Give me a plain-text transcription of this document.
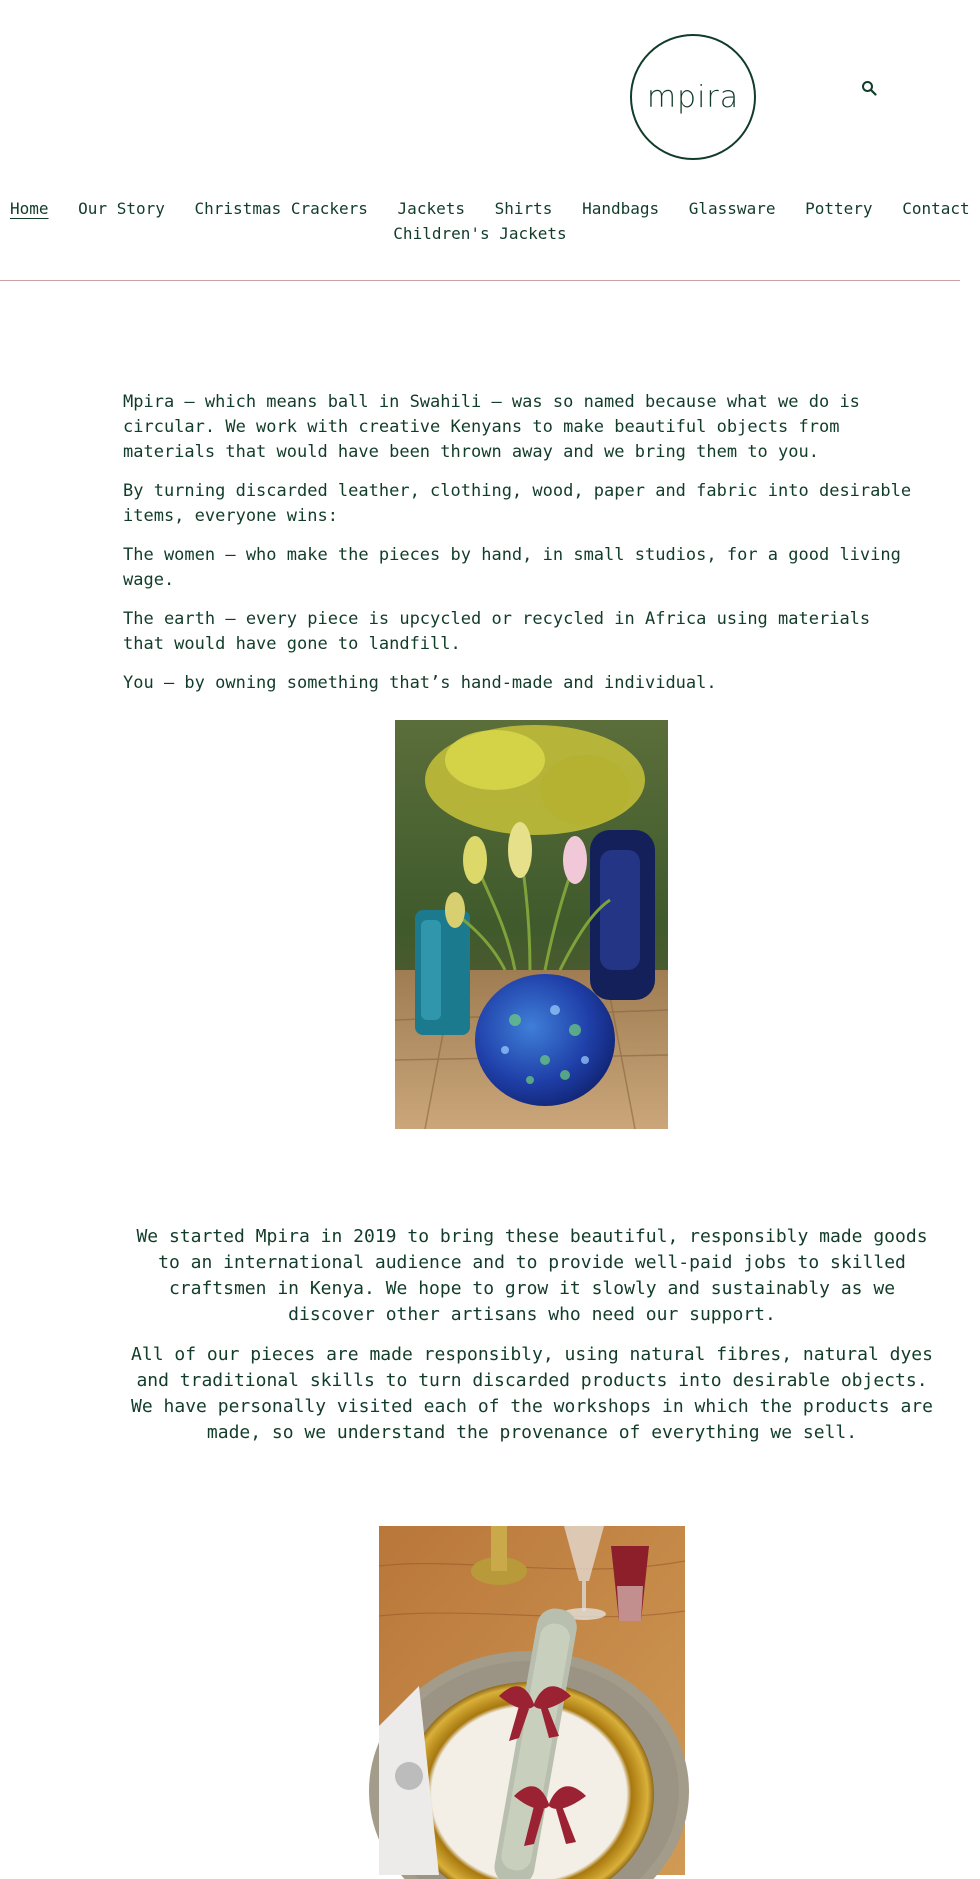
mpira
Home Our Story Christmas Crackers Jackets Shirts Handbags Glassware Pottery Contact
Children's Jackets

Mpira – which means ball in Swahili – was so named because what we do is circular. We work with creative Kenyans to make beautiful objects from materials that would have been thrown away and we bring them to you.

By turning discarded leather, clothing, wood, paper and fabric into desirable items, everyone wins:

The women – who make the pieces by hand, in small studios, for a good living wage.

The earth – every piece is upcycled or recycled in Africa using materials that would have gone to landfill.

You – by owning something that’s hand-made and individual.

We started Mpira in 2019 to bring these beautiful, responsibly made goods to an international audience and to provide well-paid jobs to skilled craftsmen in Kenya. We hope to grow it slowly and sustainably as we discover other artisans who need our support.

All of our pieces are made responsibly, using natural fibres, natural dyes and traditional skills to turn discarded products into desirable objects. We have personally visited each of the workshops in which the products are made, so we understand the provenance of everything we sell.
